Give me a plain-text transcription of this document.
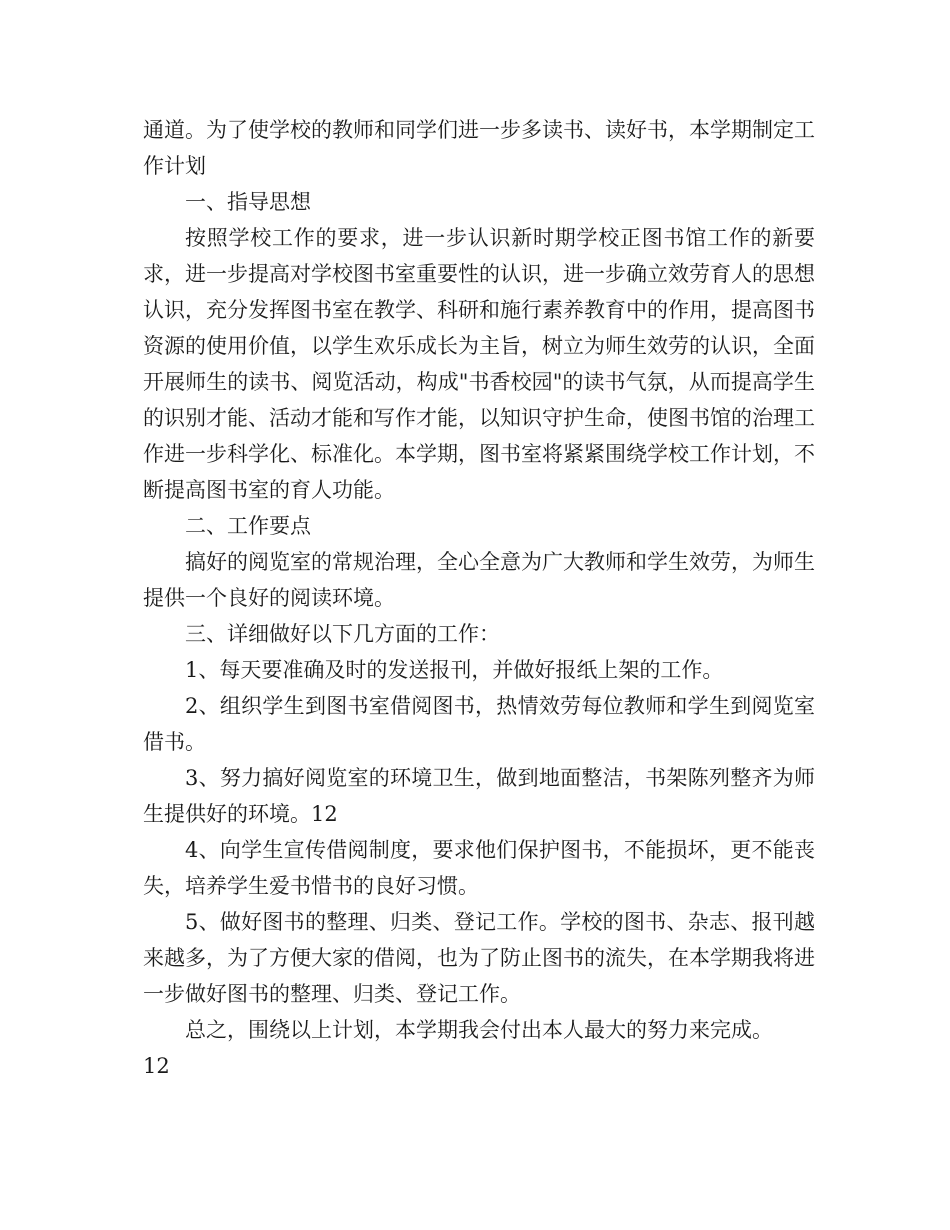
通道。为了使学校的教师和同学们进一步多读书、读好书，本学期制定工作计划

一、指导思想

按照学校工作的要求，进一步认识新时期学校正图书馆工作的新要求，进一步提高对学校图书室重要性的认识，进一步确立效劳育人的思想认识，充分发挥图书室在教学、科研和施行素养教育中的作用，提高图书资源的使用价值，以学生欢乐成长为主旨，树立为师生效劳的认识，全面开展师生的读书、阅览活动，构成"书香校园"的读书气氛，从而提高学生的识别才能、活动才能和写作才能，以知识守护生命，使图书馆的治理工作进一步科学化、标准化。本学期，图书室将紧紧围绕学校工作计划，不断提高图书室的育人功能。

二、工作要点

搞好的阅览室的常规治理，全心全意为广大教师和学生效劳，为师生提供一个良好的阅读环境。

三、详细做好以下几方面的工作：

1、每天要准确及时的发送报刊，并做好报纸上架的工作。

2、组织学生到图书室借阅图书，热情效劳每位教师和学生到阅览室借书。

3、努力搞好阅览室的环境卫生，做到地面整洁，书架陈列整齐为师生提供好的环境。12

4、向学生宣传借阅制度，要求他们保护图书，不能损坏，更不能丧失，培养学生爱书惜书的良好习惯。

5、做好图书的整理、归类、登记工作。学校的图书、杂志、报刊越来越多，为了方便大家的借阅，也为了防止图书的流失，在本学期我将进一步做好图书的整理、归类、登记工作。

总之，围绕以上计划，本学期我会付出本人最大的努力来完成。

12
